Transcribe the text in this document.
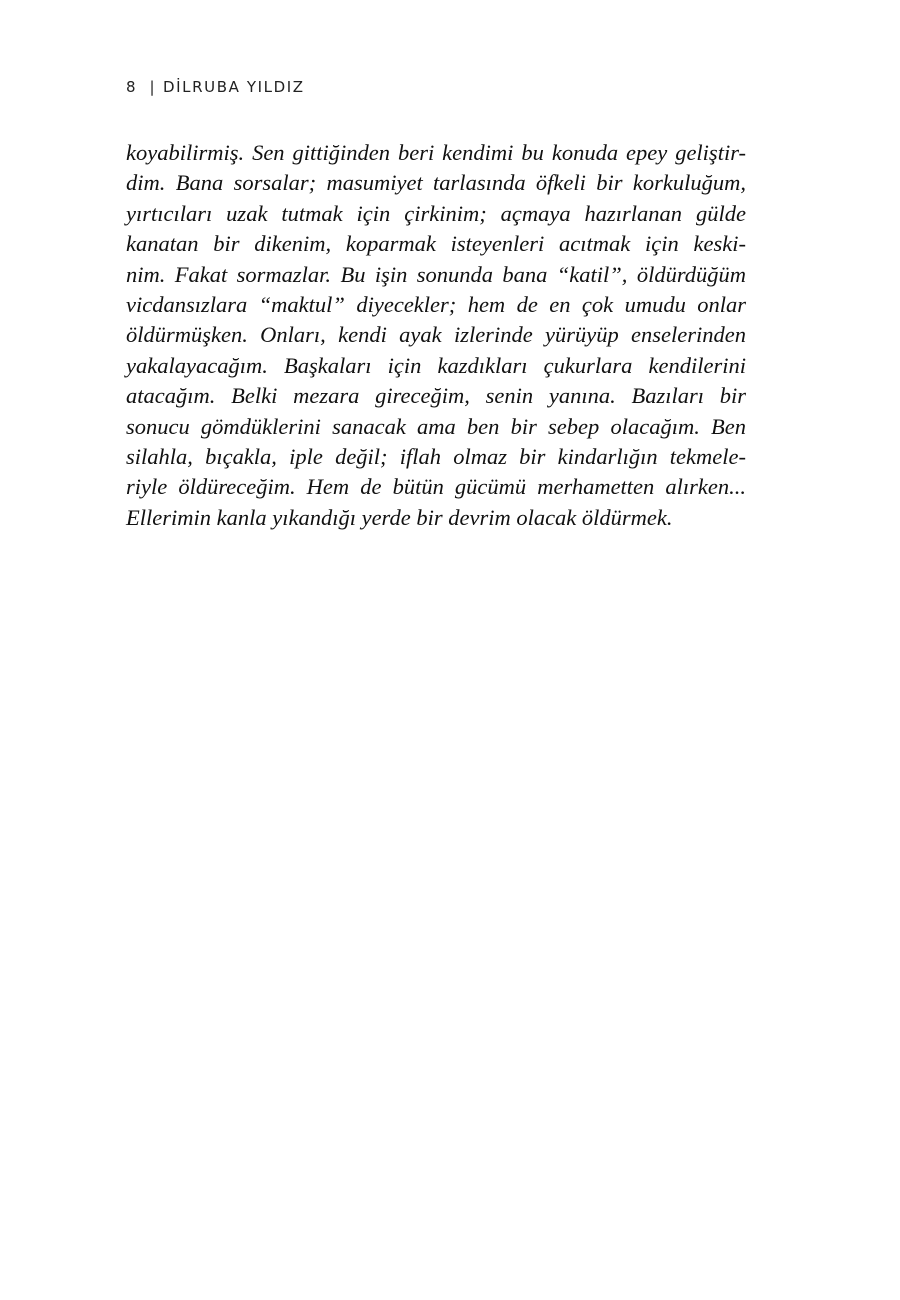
8 | DİLRUBA YILDIZ
koyabilirmiş. Sen gittiğinden beri kendimi bu konuda epey geliştir-
dim. Bana sorsalar; masumiyet tarlasında öfkeli bir korkuluğum,
yırtıcıları uzak tutmak için çirkinim; açmaya hazırlanan gülde
kanatan bir dikenim, koparmak isteyenleri acıtmak için keski-
nim. Fakat sormazlar. Bu işin sonunda bana “katil”, öldürdüğüm
vicdansızlara “maktul” diyecekler; hem de en çok umudu onlar
öldürmüşken. Onları, kendi ayak izlerinde yürüyüp enselerinden
yakalayacağım. Başkaları için kazdıkları çukurlara kendilerini
atacağım. Belki mezara gireceğim, senin yanına. Bazıları bir
sonucu gömdüklerini sanacak ama ben bir sebep olacağım. Ben
silahla, bıçakla, iple değil; iflah olmaz bir kindarlığın tekmele-
riyle öldüreceğim. Hem de bütün gücümü merhametten alırken...
Ellerimin kanla yıkandığı yerde bir devrim olacak öldürmek.
